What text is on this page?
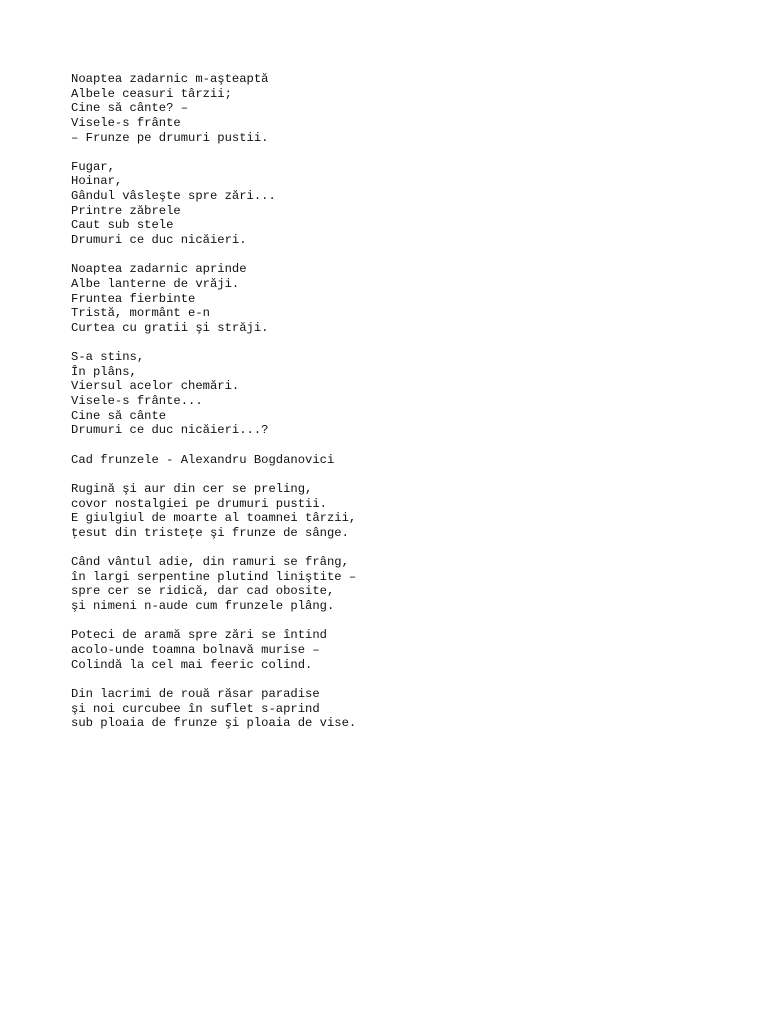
Noaptea zadarnic m-aşteaptă
Albele ceasuri târzii;
Cine să cânte? –
Visele-s frânte
– Frunze pe drumuri pustii.
Fugar,
Hoinar,
Gândul vâsleşte spre zări...
Printre zăbrele
Caut sub stele
Drumuri ce duc nicăieri.
Noaptea zadarnic aprinde
Albe lanterne de vrăji.
Fruntea fierbinte
Tristă, mormânt e-n
Curtea cu gratii şi străji.
S-a stins,
În plâns,
Viersul acelor chemări.
Visele-s frânte...
Cine să cânte
Drumuri ce duc nicăieri...?
Cad frunzele - Alexandru Bogdanovici
Rugină şi aur din cer se preling,
covor nostalgiei pe drumuri pustii.
E giulgiul de moarte al toamnei târzii,
ţesut din tristeţe şi frunze de sânge.
Când vântul adie, din ramuri se frâng,
în largi serpentine plutind liniştite –
spre cer se ridică, dar cad obosite,
şi nimeni n-aude cum frunzele plâng.
Poteci de aramă spre zări se întind
acolo-unde toamna bolnavă murise –
Colindă la cel mai feeric colind.
Din lacrimi de rouă răsar paradise
şi noi curcubee în suflet s-aprind
sub ploaia de frunze şi ploaia de vise.
